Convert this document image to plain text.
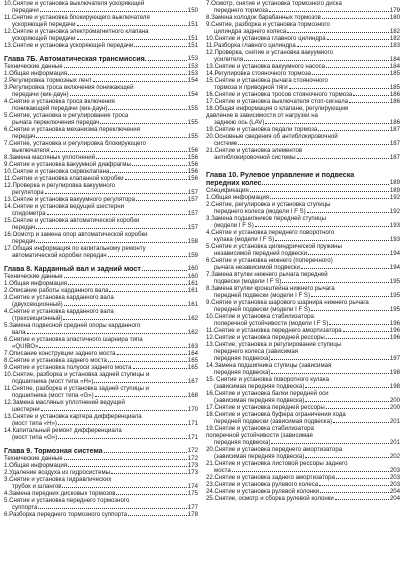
10.Снятие и установка выключателя ускоряющей
передачи	150
11.Снятие и установка блокирующего выключателя
ускоряющей передачи	151
12.Снятие и установка электромагнитного клапана
ускоряющей передачи	151
13.Снятие и установка ускоряющей передачи	151
Глава 7Б. Автоматическая трансмиссия.	153
Технические данные	153
1.Общая информация	153
2.Регулировка тормозных лент	154
3.Регулировка троса включения понижающей
передачи (кик-даун)	154
4.Снятие и установка троса включения
понижающей передачи (кик-даун)	155
5.Снятие, установка и регулирование троса
рычага переключения передач	155
6.Снятие и установка механизма переключения
передач	155
7.Снятие, установка и регулировка блокирующего
выключателя	156
8.Замена масляных уплотнений	156
9.Снятие и установка вакуумной диафрагмы	156
10.Снятие и установка сервоклапана	156
11.Снятие и установка клапанной коробки	156
12.Проверка и регулировка вакуумного
регулятора	157
13.Снятие и установка вакуумного регулятора	157
14.Снятие и установка ведущей шестерни
спидометра	157
15.Снятие и установка автоматической коробки
передач	157
16.Осмотр и замена опор автоматической коробки
передач	158
17.Общая информация по капитальному ремонту
автоматической коробки передач	159
Глава 8. Карданный вал и задний мост	160
Технические данные	160
1.Общая информация	161
2.Описание работы карданного вала	161
3.Снятие и установка карданного вала
(двухсекционный)	161
4.Снятие и установка карданного вала
(трехсекционный)	162
5.Замена подвесной средней опоры карданного
вала	162
6.Снятие и установка эластичного шарнира типа
«QUIBO»	163
7.Описание конструкции заднего моста	164
8.Снятие и установка заднего моста	165
9.Снятие и установка полуоси заднего моста	165
10.Снятие, разборка и установка задней ступицы и
подшипника (мост типа «H»)	167
11.Снятие, разборка и установка задней ступицы и
подшипника (мост типа «G»)	168
12.Замена масляных уплотнений ведущей
шестерни	170
13.Снятие и установка картера дифференциала
(мост типа «H»)	171
14.Капитальный ремонт дифференциала
(мост типа «G»)	171
Глава 9. Тормозная система	172
Технические данные	172
1.Общая информация	173
2.Удаление воздуха из гидросистемы	173
3.Снятие и установка гидравлических
трубок и шлангов	174
4.Замена передних дисковых тормозов	175
5.Снятие и установка переднего тормозного
суппорта	177
6.Разборка переднего тормозного суппорта	178
7.Осмотр, снятие и установка тормозного диска
переднего тормоза	179
8.Замена колодок барабанных тормозов	180
9.Снятие, разборка и установка тормозного
цилиндра заднего колеса	182
10.Снятие и установка главного цилиндра	182
11.Разборка главного цилиндра	183
12.Проверка, снятие и установка вакуумного
усилителя	184
13.Снятие и установка вакуумного насоса	184
14.Регулировка стояночного тормоза	185
15.Снятие и установка рычага стояночного
тормоза и приводной тяги	185
16.Снятие и установка тросов стояночного тормоза	186
17.Снятие и установка выключателя стоп-сигнала	186
18.Общая информация о клапане, регулирующем
давление в зависимости от нагрузки на
заднюю ось (LAV)	186
19.Снятие и установка педали тормоза	187
20.Основные сведения об антиблокировочной
системе	187
21.Снятие и установка элементов
антиблокировочной системы	187
Глава 10. Рулевое управление и подвеска
передних колес	189
Спецификация	189
1.Общая информация	192
2.Снятие, регулировка и установка ступицы
переднего колеса (модели I F S)	192
3.Замена подшипников передней ступицы
(модели I F S)	193
4.Снятие и установка переднего поворотного
кулака (модели I F S)	193
5.Снятие и установка цилиндрической пружины
независимой передней подвески	194
6.Снятие и установка нижнего (поперечного)
рычага независимой подвески	194
7.Замена втулки нижнего рычага передней
подвески (модели I F S)	195
8.Замена втулки кронштейна нижнего рычага
передней подвески (модели I F S)	195
9.Снятие и установка шарового шарнира нижнего рычага
передней подвески (модели I F S)	195
10.Снятие и установка стабилизатора
поперечной устойчивости (модели I F S)	196
11.Снятие и установка переднего амортизатора	196
12.Снятие и установка передней рессоры	196
13.Снятие, установка и регулирование ступицы
переднего колеса (зависимая
передняя подвеска)	197
14.Замена подшипника ступицы (зависимая
передняя подвеска)	198
15. Снятие и установка поворотного кулака
(зависимая передняя подвеска)	198
16.Снятие и установка балки передней оси
(зависимая передняя подвеска)	200
17.Снятие и установка передней рессоры	200
18.Снятие и установка буфера ограничения хода
передней подвески (зависимая подвеска)	201
19.Снятие и установка стабилизатора
поперечной устойчивости (зависимая
передняя подвеска)	201
20.Снятие и установка переднего амортизатора
(зависимая передняя подвеска)	202
21.Снятие и установка листовой рессоры заднего
моста	203
22.Снятие и установка заднего амортизатора	203
23.Снятие и установка рулевого колеса	203
24.Снятие и установка рулевой колонки	204
25.Снятие, осмотр и сборка рулевой колонки	204
